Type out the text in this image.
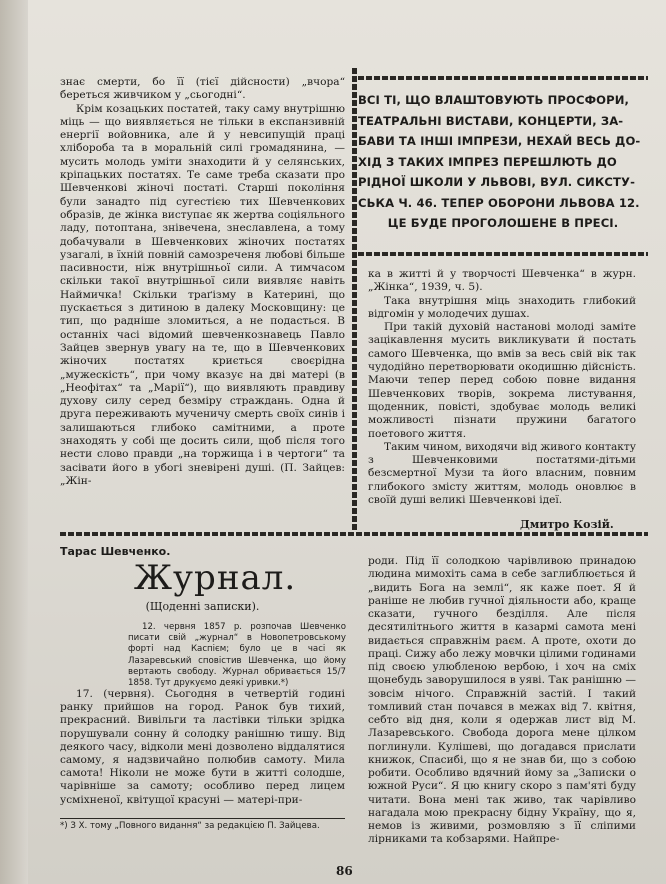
знає смерти, бо її (тієї дійсности) „вчора“ береться живчиком у „сьогодні“.

Крім козацьких постатей, таку саму внутрішню міць — що виявляється не тільки в експанзивній енергії войовника, але й у невсипущій праці хлібороба та в моральній силі громадянина, — мусить молодь уміти знаходити й у селянських, кріпацьких постатях. Те саме треба сказати про Шевченкові жіночі постаті. Старші покоління були занадто під сугестією тих Шевченкових образів, де жінка виступає як жертва соціяльного ладу, потоптана, знівечена, знеславлена, а тому добачували в Шевченкових жіночих постатях узагалі, в їхній повній самозреченя любові більше пасивности, ніж внутрішньої сили. А тимчасом скільки такої внутрішньої сили виявляє навіть Наймичка! Скільки траґізму в Катерині, що пускається з дитиною в далеку Московщину: це тип, що радніше зломиться, а не подасться. В останніх часі відомий шевченкознавець Павло Зайцев звернув увагу на те, що в Шевченкових жіночих постатях криється своєрідна „мужескість“, при чому вказує на дві матері (в „Неофітах“ та „Марії“), що виявляють правдиву духову силу серед безміру страждань. Одна й друга переживають мученичу смерть своїх синів і залишаються глибоко самітними, а проте знаходять у собі ще досить сили, щоб після того нести слово правди „на торжища і в чертоги“ та засівати його в убогі зневірені душі. (П. Зайцев: „Жін-

ВСІ ТІ, ЩО ВЛАШТОВУЮТЬ ПРОСФОРИ,
ТЕАТРАЛЬНІ ВИСТАВИ, КОНЦЕРТИ, ЗА-
БАВИ ТА ІНШІ ІМПРЕЗИ, НЕХАЙ ВЕСЬ ДО-
ХІД З ТАКИХ ІМПРЕЗ ПЕРЕШЛЮТЬ ДО
РІДНОЇ ШКОЛИ У ЛЬВОВІ, ВУЛ. СИКСТУ-
СЬКА Ч. 46. ТЕПЕР ОБОРОНИ ЛЬВОВА 12.
ЦЕ БУДЕ ПРОГОЛОШЕНЕ В ПРЕСІ.

ка в житті й у творчості Шевченка“ в журн. „Жінка“, 1939, ч. 5).

Така внутрішня міць знаходить глибокий відгомін у молодечих душах.

При такій духовій настанові молоді заміте зацікавлення мусить викликувати й постать самого Шевченка, що вмів за весь свій вік так чудодійно перетворювати окодишню дійсність. Маючи тепер перед собою повне видання Шевченкових творів, зокрема листування, щоденник, повісті, здобуває молодь великі можливості пізнати пружини багатого поетового життя.

Таким чином, виходячи від живого контакту з Шевченковими постатями-дітьми безсмертної Музи та його власним, повним глибокого змісту життям, молодь оновлює в своїй душі великі Шевченкові ідеї.

Дмитро Козій.
Тарас Шевченко.
Журнал.
(Щоденні записки).

12. червня 1857 р. розпочав Шевченко писати свій „журнал“ в Новопетровському форті над Каспієм; було це в часі як Лазаревський сповістив Шевченка, що йому вертають свободу. Журнал обривається 15/7 1858. Тут друкуємо деякі уривки.*)

17. (червня). Сьогодня в четвертій годині ранку прийшов на город. Ранок був тихий, прекрасний. Вивільги та ластівки тільки зрідка порушували сонну й солодку ранішню тишу. Від деякого часу, відколи мені дозволено віддалятися самому, я надзвичайно полюбив самоту. Мила самота! Ніколи не може бути в житті солодше, чарівніше за самоту; особливо перед лицем усміхненої, квітущої красуні — матері-при-

*) З Х. тому „Повного видання“ за редакцією П. Зайцева.

роди. Під її солодкою чарівливою принадою людина мимохіть сама в себе заглиблюється й „видить Бога на землі“, як каже поет. Я й раніше не любив гучної діяльности або, краще сказати, гучного безділля. Але після десятилітнього життя в казармі самота мені видається справжнім раєм. А проте, охоти до праці. Сижу або лежу мовчки цілими годинами під своєю улюбленою вербою, і хоч на сміх щонебудь заворушилося в уяві. Так ранішню — зовсім нічого. Справжній застій. І такий томливий стан почався в межах від 7. квітня, себто від дня, коли я одержав лист від М. Лазаревського. Свобода дорога мене цілком поглинули. Кулішеві, що догадався прислати книжок, Спасибі, що я не знав би, що з собою робити. Особливо вдячний йому за „Записки о южной Руси“. Я цю книгу скоро з пам'яті буду читати. Вона мені так живо, так чарівливо нагадала мою прекрасну бідну Україну, що я, немов із живими, розмовляю з її сліпими лірниками та кобзарями. Найпре-

86
